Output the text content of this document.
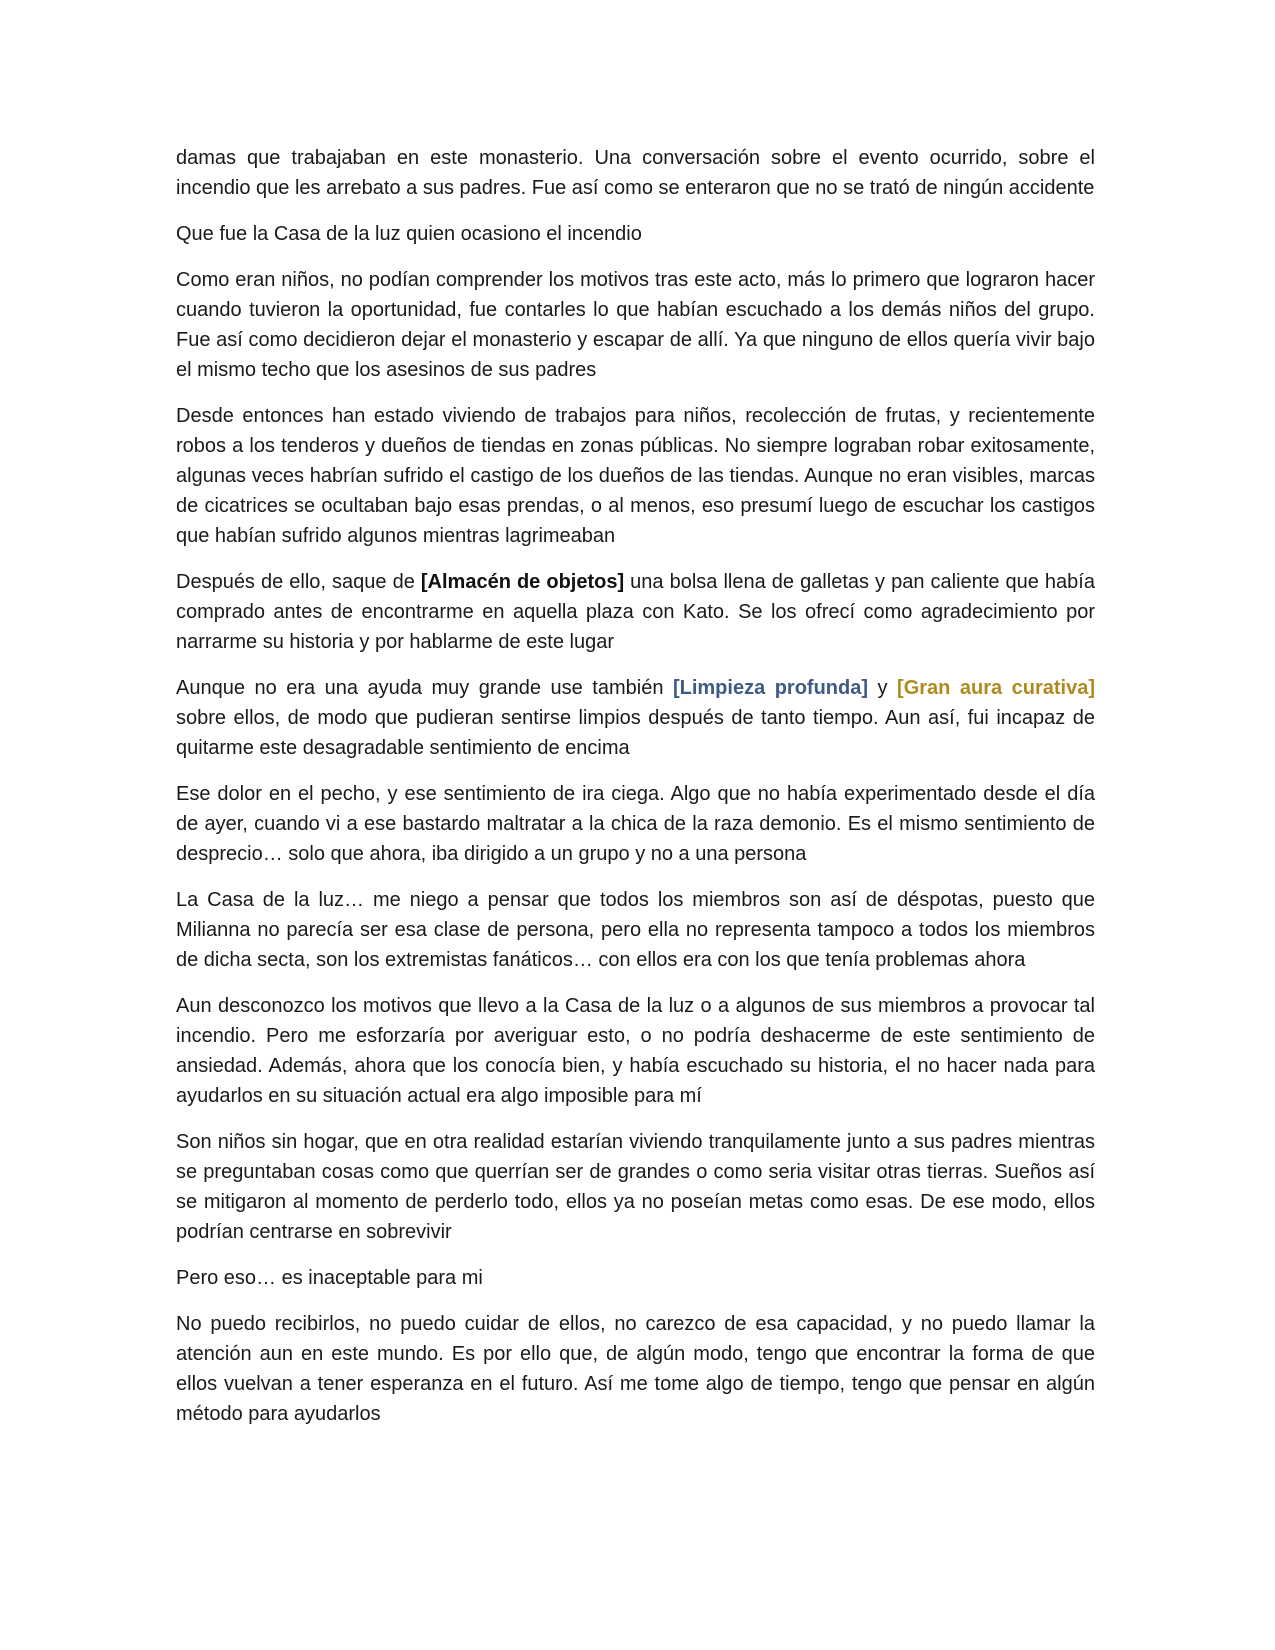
damas que trabajaban en este monasterio. Una conversación sobre el evento ocurrido, sobre el incendio que les arrebato a sus padres. Fue así como se enteraron que no se trató de ningún accidente

Que fue la Casa de la luz quien ocasiono el incendio

Como eran niños, no podían comprender los motivos tras este acto, más lo primero que lograron hacer cuando tuvieron la oportunidad, fue contarles lo que habían escuchado a los demás niños del grupo. Fue así como decidieron dejar el monasterio y escapar de allí. Ya que ninguno de ellos quería vivir bajo el mismo techo que los asesinos de sus padres

Desde entonces han estado viviendo de trabajos para niños, recolección de frutas, y recientemente robos a los tenderos y dueños de tiendas en zonas públicas. No siempre lograban robar exitosamente, algunas veces habrían sufrido el castigo de los dueños de las tiendas. Aunque no eran visibles, marcas de cicatrices se ocultaban bajo esas prendas, o al menos, eso presumí luego de escuchar los castigos que habían sufrido algunos mientras lagrimeaban

Después de ello, saque de [Almacén de objetos] una bolsa llena de galletas y pan caliente que había comprado antes de encontrarme en aquella plaza con Kato. Se los ofrecí como agradecimiento por narrarme su historia y por hablarme de este lugar

Aunque no era una ayuda muy grande use también [Limpieza profunda] y [Gran aura curativa] sobre ellos, de modo que pudieran sentirse limpios después de tanto tiempo. Aun así, fui incapaz de quitarme este desagradable sentimiento de encima

Ese dolor en el pecho, y ese sentimiento de ira ciega. Algo que no había experimentado desde el día de ayer, cuando vi a ese bastardo maltratar a la chica de la raza demonio. Es el mismo sentimiento de desprecio… solo que ahora, iba dirigido a un grupo y no a una persona

La Casa de la luz… me niego a pensar que todos los miembros son así de déspotas, puesto que Milianna no parecía ser esa clase de persona, pero ella no representa tampoco a todos los miembros de dicha secta, son los extremistas fanáticos… con ellos era con los que tenía problemas ahora

Aun desconozco los motivos que llevo a la Casa de la luz o a algunos de sus miembros a provocar tal incendio. Pero me esforzaría por averiguar esto, o no podría deshacerme de este sentimiento de ansiedad. Además, ahora que los conocía bien, y había escuchado su historia, el no hacer nada para ayudarlos en su situación actual era algo imposible para mí

Son niños sin hogar, que en otra realidad estarían viviendo tranquilamente junto a sus padres mientras se preguntaban cosas como que querrían ser de grandes o como seria visitar otras tierras. Sueños así se mitigaron al momento de perderlo todo, ellos ya no poseían metas como esas. De ese modo, ellos podrían centrarse en sobrevivir

Pero eso… es inaceptable para mi

No puedo recibirlos, no puedo cuidar de ellos, no carezco de esa capacidad, y no puedo llamar la atención aun en este mundo. Es por ello que, de algún modo, tengo que encontrar la forma de que ellos vuelvan a tener esperanza en el futuro. Así me tome algo de tiempo, tengo que pensar en algún método para ayudarlos
